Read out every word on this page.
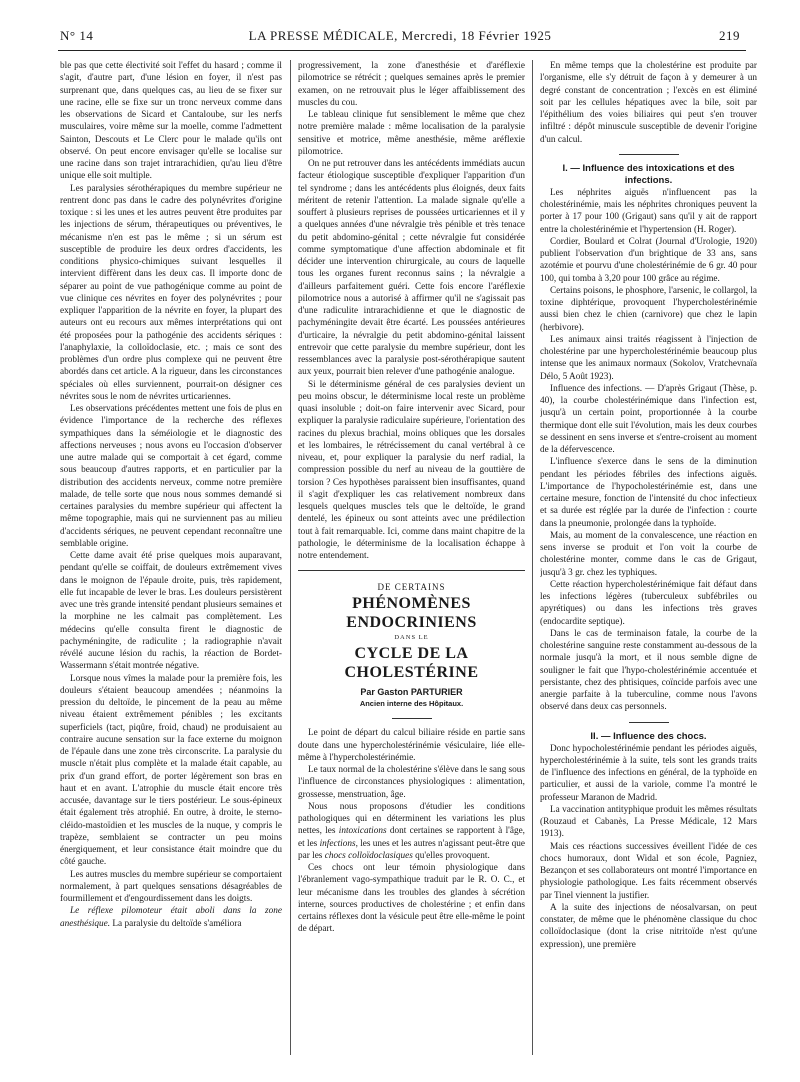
N° 14	LA PRESSE MÉDICALE, Mercredi, 18 Février 1925	219

ble pas que cette électivité soit l'effet du hasard ; comme il s'agit, d'autre part, d'une lésion en foyer, il n'est pas surprenant que, dans quelques cas, au lieu de se fixer sur une racine, elle se fixe sur un tronc nerveux comme dans les observations de Sicard et Cantaloube, sur les nerfs musculaires, voire même sur la moelle, comme l'admettent Sainton, Descouts et Le Clerc pour le malade qu'ils ont observé. On peut encore envisager qu'elle se localise sur une racine dans son trajet intrarachidien, qu'au lieu d'être unique elle soit multiple.

Les paralysies sérothérapiques du membre supérieur ne rentrent donc pas dans le cadre des polynévrites d'origine toxique : si les unes et les autres peuvent être produites par les injections de sérum, thérapeutiques ou préventives, le mécanisme n'en est pas le même ; si un sérum est susceptible de produire les deux ordres d'accidents, les conditions physico-chimiques suivant lesquelles il intervient diffèrent dans les deux cas. Il importe donc de séparer au point de vue pathogénique comme au point de vue clinique ces névrites en foyer des polynévrites ; pour expliquer l'apparition de la névrite en foyer, la plupart des auteurs ont eu recours aux mêmes interprétations qui ont été proposées pour la pathogénie des accidents sériques : l'anaphylaxie, la colloïdoclasie, etc. ; mais ce sont des problèmes d'un ordre plus complexe qui ne peuvent être abordés dans cet article. A la rigueur, dans les circonstances spéciales où elles surviennent, pourrait-on désigner ces névrites sous le nom de névrites urticariennes.

Les observations précédentes mettent une fois de plus en évidence l'importance de la recherche des réflexes sympathiques dans la séméiologie et le diagnostic des affections nerveuses ; nous avons eu l'occasion d'observer une autre malade qui se comportait à cet égard, comme sous beaucoup d'autres rapports, et en particulier par la distribution des accidents nerveux, comme notre première malade, de telle sorte que nous nous sommes demandé si certaines paralysies du membre supérieur qui affectent la même topographie, mais qui ne surviennent pas au milieu d'accidents sériques, ne peuvent cependant reconnaître une semblable origine.

Cette dame avait été prise quelques mois auparavant, pendant qu'elle se coiffait, de douleurs extrêmement vives dans le moignon de l'épaule droite, puis, très rapidement, elle fut incapable de lever le bras. Les douleurs persistèrent avec une très grande intensité pendant plusieurs semaines et la morphine ne les calmait pas complètement. Les médecins qu'elle consulta firent le diagnostic de pachyméningite, de radiculite ; la radiographie n'avait révélé aucune lésion du rachis, la réaction de Bordet-Wassermann s'était montrée négative.

Lorsque nous vîmes la malade pour la première fois, les douleurs s'étaient beaucoup amendées ; néanmoins la pression du deltoïde, le pincement de la peau au même niveau étaient extrêmement pénibles ; les excitants superficiels (tact, piqûre, froid, chaud) ne produisaient au contraire aucune sensation sur la face externe du moignon de l'épaule dans une zone très circonscrite. La paralysie du muscle n'était plus complète et la malade était capable, au prix d'un grand effort, de porter légèrement son bras en haut et en avant. L'atrophie du muscle était encore très accusée, davantage sur le tiers postérieur. Le sous-épineux était également très atrophié. En outre, à droite, le sterno-cléido-mastoïdien et les muscles de la nuque, y compris le trapèze, semblaient se contracter un peu moins énergiquement, et leur consistance était moindre que du côté gauche.

Les autres muscles du membre supérieur se comportaient normalement, à part quelques sensations désagréables de fourmillement et d'engourdissement dans les doigts.

Le réflexe pilomoteur était aboli dans la zone anesthésique. La paralysie du deltoïde s'améliora

progressivement, la zone d'anesthésie et d'aréflexie pilomotrice se rétrécit ; quelques semaines après le premier examen, on ne retrouvait plus le léger affaiblissement des muscles du cou.

Le tableau clinique fut sensiblement le même que chez notre première malade : même localisation de la paralysie sensitive et motrice, même anesthésie, même aréflexie pilomotrice.

On ne put retrouver dans les antécédents immédiats aucun facteur étiologique susceptible d'expliquer l'apparition d'un tel syndrome ; dans les antécédents plus éloignés, deux faits méritent de retenir l'attention. La malade signale qu'elle a souffert à plusieurs reprises de poussées urticariennes et il y a quelques années d'une névralgie très pénible et très tenace du petit abdomino-génital ; cette névralgie fut considérée comme symptomatique d'une affection abdominale et fit décider une intervention chirurgicale, au cours de laquelle tous les organes furent reconnus sains ; la névralgie a d'ailleurs parfaitement guéri. Cette fois encore l'aréflexie pilomotrice nous a autorisé à affirmer qu'il ne s'agissait pas d'une radiculite intrarachidienne et que le diagnostic de pachyméningite devait être écarté. Les poussées antérieures d'urticaire, la névralgie du petit abdomino-génital laissent entrevoir que cette paralysie du membre supérieur, dont les ressemblances avec la paralysie post-sérothérapique sautent aux yeux, pourrait bien relever d'une pathogénie analogue.

Si le déterminisme général de ces paralysies devient un peu moins obscur, le déterminisme local reste un problème quasi insoluble ; doit-on faire intervenir avec Sicard, pour expliquer la paralysie radiculaire supérieure, l'orientation des racines du plexus brachial, moins obliques que les dorsales et les lombaires, le rétrécissement du canal vertébral à ce niveau, et, pour expliquer la paralysie du nerf radial, la compression possible du nerf au niveau de la gouttière de torsion ? Ces hypothèses paraissent bien insuffisantes, quand il s'agit d'expliquer les cas relativement nombreux dans lesquels quelques muscles tels que le deltoïde, le grand dentelé, les épineux ou sont atteints avec une prédilection tout à fait remarquable. Ici, comme dans maint chapitre de la pathologie, le déterminisme de la localisation échappe à notre entendement.

DE CERTAINS
PHÉNOMÈNES ENDOCRINIENS
DANS LE
CYCLE DE LA CHOLESTÉRINE
Par Gaston PARTURIER
Ancien interne des Hôpitaux.

Le point de départ du calcul biliaire réside en partie sans doute dans une hypercholestérinémie vésiculaire, liée elle-même à l'hypercholestérinémie.

Le taux normal de la cholestérine s'élève dans le sang sous l'influence de circonstances physiologiques : alimentation, grossesse, menstruation, âge.

Nous nous proposons d'étudier les conditions pathologiques qui en déterminent les variations les plus nettes, les intoxications dont certaines se rapportent à l'âge, et les infections, les unes et les autres n'agissant peut-être que par les chocs colloïdoclasiques qu'elles provoquent.

Ces chocs ont leur témoin physiologique dans l'ébranlement vago-sympathique traduit par le R. O. C., et leur mécanisme dans les troubles des glandes à sécrétion interne, sources productives de cholestérine ; et enfin dans certains réflexes dont la vésicule peut être elle-même le point de départ.

En même temps que la cholestérine est produite par l'organisme, elle s'y détruit de façon à y demeurer à un degré constant de concentration ; l'excès en est éliminé soit par les cellules hépatiques avec la bile, soit par l'épithélium des voies biliaires qui peut s'en trouver infiltré : dépôt minuscule susceptible de devenir l'origine d'un calcul.

I. — Influence des intoxications et des infections.

Les néphrites aiguës n'influencent pas la cholestérinémie, mais les néphrites chroniques peuvent la porter à 17 pour 100 (Grigaut) sans qu'il y ait de rapport entre la cholestérinémie et l'hypertension (H. Roger).

Cordier, Boulard et Colrat (Journal d'Urologie, 1920) publient l'observation d'un brightique de 33 ans, sans azotémie et pourvu d'une cholestérinémie de 6 gr. 40 pour 100, qui tomba à 3,20 pour 100 grâce au régime.

Certains poisons, le phosphore, l'arsenic, le collargol, la toxine diphtérique, provoquent l'hypercholestérinémie aussi bien chez le chien (carnivore) que chez le lapin (herbivore).

Les animaux ainsi traités réagissent à l'injection de cholestérine par une hypercholestérinémie beaucoup plus intense que les animaux normaux (Sokolov, Vratchevnaïa Délo, 5 Août 1923).

Influence des infections. — D'après Grigaut (Thèse, p. 40), la courbe cholestérinémique dans l'infection est, jusqu'à un certain point, proportionnée à la courbe thermique dont elle suit l'évolution, mais les deux courbes se dessinent en sens inverse et s'entre-croisent au moment de la défervescence.

L'influence s'exerce dans le sens de la diminution pendant les périodes fébriles des infections aiguës. L'importance de l'hypocholestérinémie est, dans une certaine mesure, fonction de l'intensité du choc infectieux et sa durée est réglée par la durée de l'infection : courte dans la pneumonie, prolongée dans la typhoïde.

Mais, au moment de la convalescence, une réaction en sens inverse se produit et l'on voit la courbe de cholestérine monter, comme dans le cas de Grigaut, jusqu'à 3 gr. chez les typhiques.

Cette réaction hypercholestérinémique fait défaut dans les infections légères (tuberculeux subfébriles ou apyrétiques) ou dans les infections très graves (endocardite septique).

Dans le cas de terminaison fatale, la courbe de la cholestérine sanguine reste constamment au-dessous de la normale jusqu'à la mort, et il nous semble digne de souligner le fait que l'hypo-cholestérinémie accentuée et persistante, chez des phtisiques, coïncide parfois avec une anergie parfaite à la tuberculine, comme nous l'avons observé dans deux cas personnels.

II. — Influence des chocs.

Donc hypocholestérinémie pendant les périodes aiguës, hypercholestérinémie à la suite, tels sont les grands traits de l'influence des infections en général, de la typhoïde en particulier, et aussi de la variole, comme l'a montré le professeur Maranon de Madrid.

La vaccination antityphique produit les mêmes résultats (Rouzaud et Cabanès, La Presse Médicale, 12 Mars 1913).

Mais ces réactions successives éveillent l'idée de ces chocs humoraux, dont Widal et son école, Pagniez, Bezançon et ses collaborateurs ont montré l'importance en physiologie pathologique. Les faits récemment observés par Tinel viennent la justifier.

A la suite des injections de néosalvarsan, on peut constater, de même que le phénomène classique du choc colloïdoclasique (dont la crise nitritoïde n'est qu'une expression), une première
